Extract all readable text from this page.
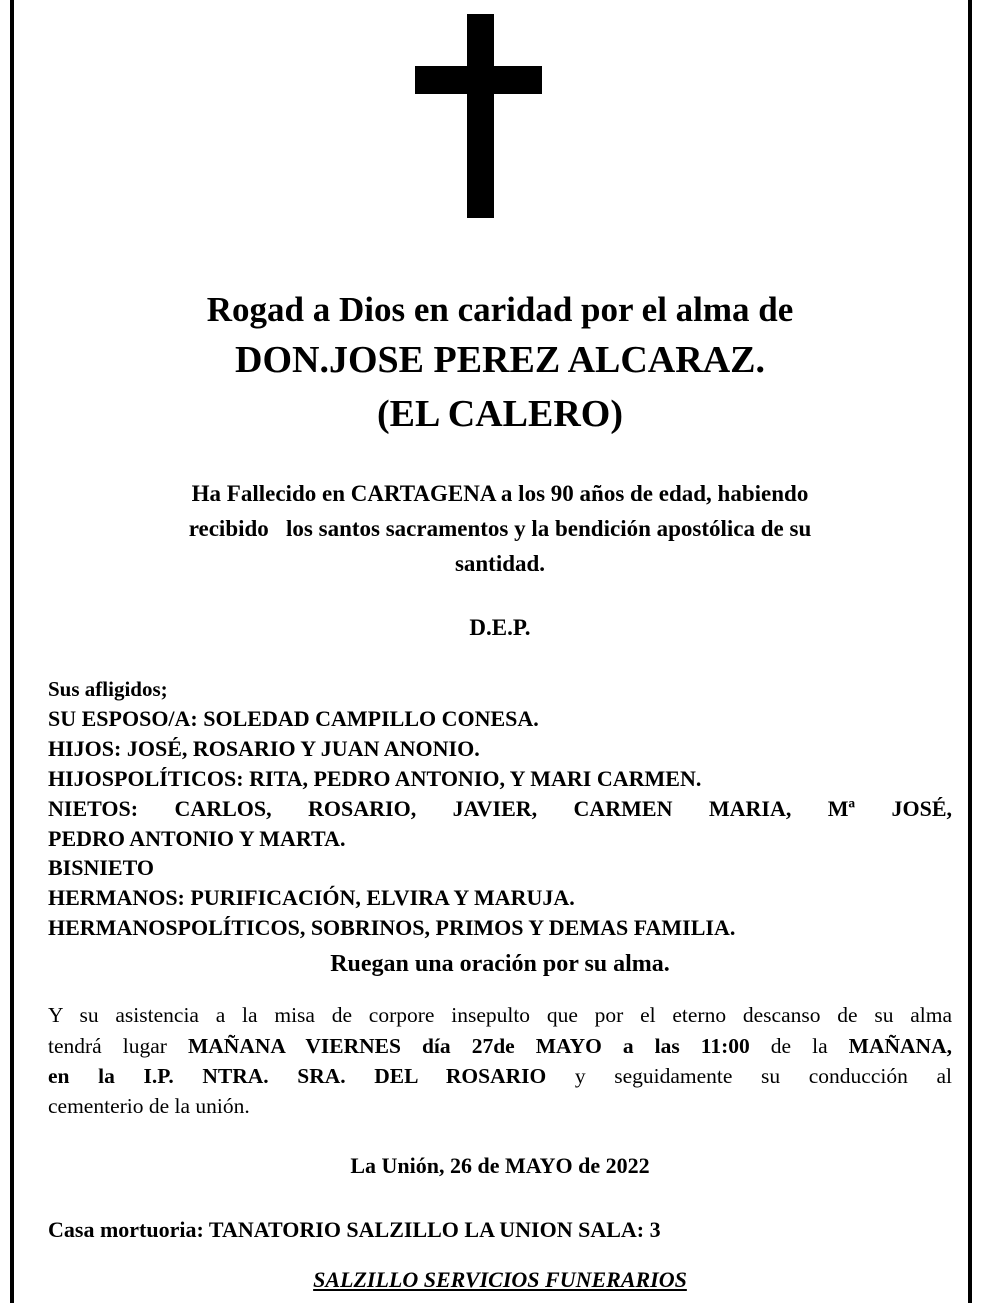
Rogad a Dios en caridad por el alma de
DON.JOSE PEREZ ALCARAZ.
(EL CALERO)
Ha Fallecido en CARTAGENA a los 90 años de edad, habiendo
recibido   los santos sacramentos y la bendición apostólica de su
santidad.
D.E.P.
Sus afligidos;
SU ESPOSO/A: SOLEDAD CAMPILLO CONESA.
HIJOS: JOSÉ, ROSARIO Y JUAN ANONIO.
HIJOSPOLÍTICOS: RITA, PEDRO ANTONIO, Y MARI CARMEN.
NIETOS: CARLOS, ROSARIO, JAVIER, CARMEN MARIA, Mª JOSÉ,
PEDRO ANTONIO Y MARTA.
BISNIETO
HERMANOS: PURIFICACIÓN, ELVIRA Y MARUJA.
HERMANOSPOLÍTICOS, SOBRINOS, PRIMOS Y DEMAS FAMILIA.
Ruegan una oración por su alma.
Y su asistencia a la misa de corpore insepulto que por el eterno descanso de su alma
tendrá lugar MAÑANA VIERNES día 27de MAYO a las 11:00 de la MAÑANA,
en la I.P. NTRA. SRA. DEL ROSARIO y seguidamente su conducción al
cementerio de la unión.
La Unión, 26 de MAYO de 2022
Casa mortuoria: TANATORIO SALZILLO LA UNION SALA: 3
SALZILLO SERVICIOS FUNERARIOS
